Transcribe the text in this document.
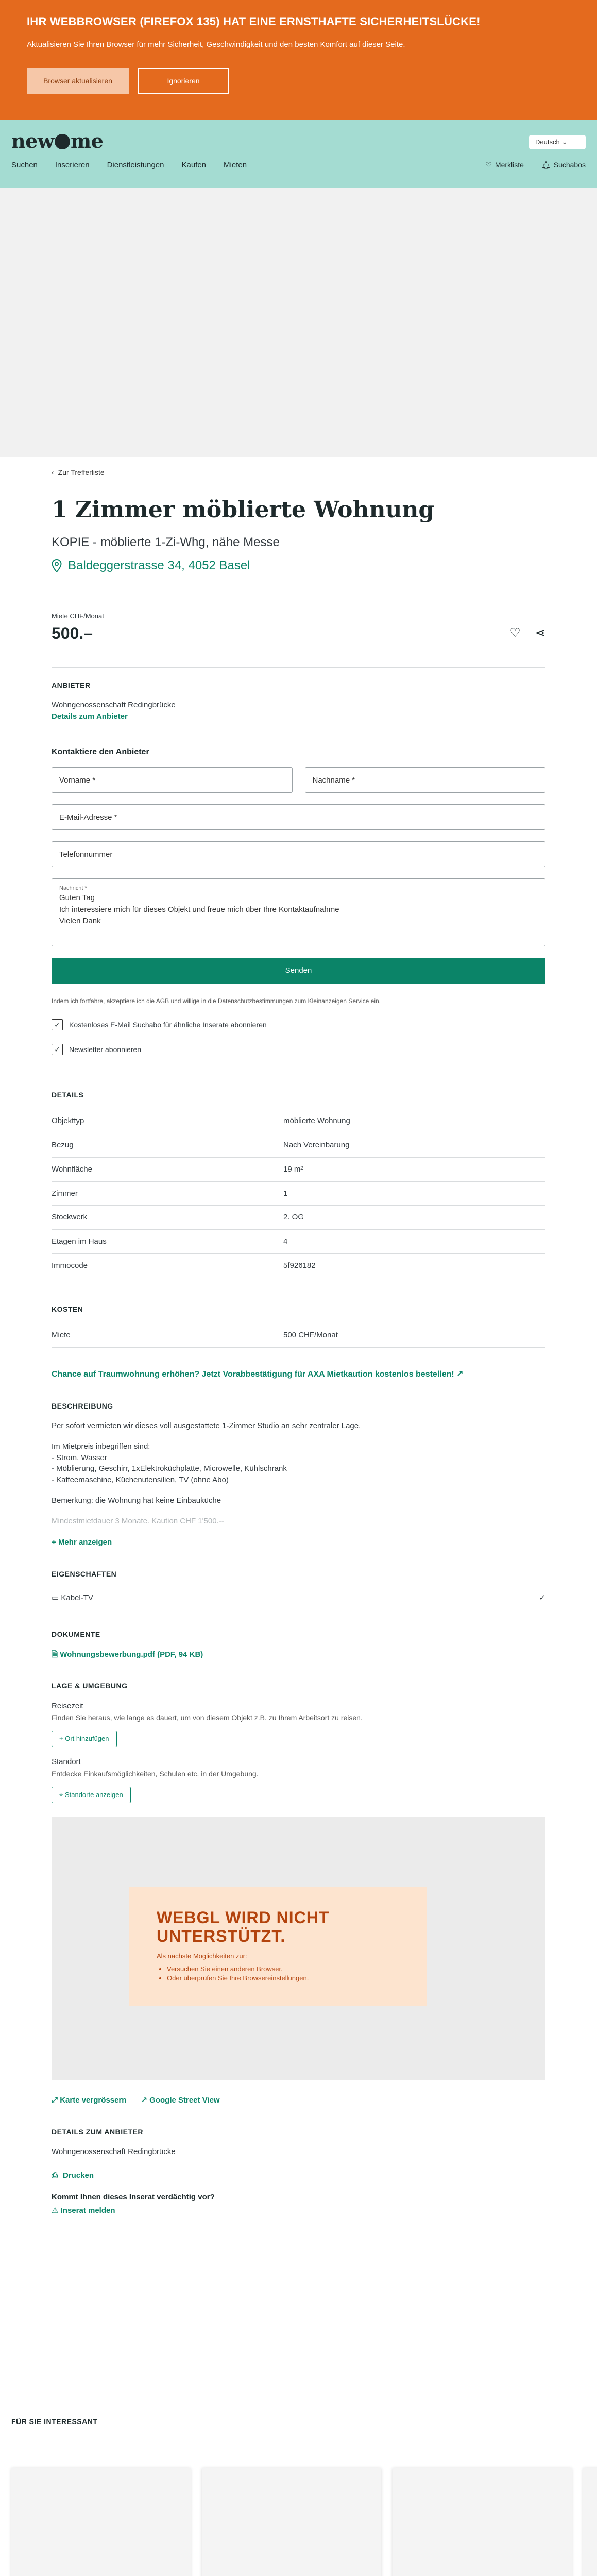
IHR WEBBROWSER (FIREFOX 135) HAT EINE ERNSTHAFTE SICHERHEITSLÜCKE!

Aktualisieren Sie Ihren Browser für mehr Sicherheit, Geschwindigkeit und den besten Komfort auf dieser Seite.

Browser aktualisieren	Ignorieren
new me	Deutsch ⌄
Suchen Inserieren Dienstleistungen Kaufen Mieten	♡ Merkliste 🔔︎ Suchabos
‹ Zur Trefferliste
1 Zimmer möblierte Wohnung
KOPIE - möblierte 1-Zi-Whg, nähe Messe
Baldeggerstrasse 34, 4052 Basel
Miete CHF/Monat
500.–	♡ ⋖
ANBIETER
Wohngenossenschaft Redingbrücke
Details zum Anbieter
Kontaktiere den Anbieter
Vorname *	Nachname *
E-Mail-Adresse *
Telefonnummer
Nachricht *
Guten Tag
Ich interessiere mich für dieses Objekt und freue mich über Ihre Kontaktaufnahme
Vielen Dank
Senden
Indem ich fortfahre, akzeptiere ich die AGB und willige in die Datenschutzbestimmungen zum Kleinanzeigen Service ein.
✓	Kostenloses E-Mail Suchabo für ähnliche Inserate abonnieren
✓	Newsletter abonnieren
DETAILS
Objekttyp	möblierte Wohnung
Bezug	Nach Vereinbarung
Wohnfläche	19 m²
Zimmer	1
Stockwerk	2. OG
Etagen im Haus	4
Immocode	5f926182
KOSTEN
Miete	500 CHF/Monat
Chance auf Traumwohnung erhöhen? Jetzt Vorabbestätigung für AXA Mietkaution kostenlos bestellen! ↗
BESCHREIBUNG

Per sofort vermieten wir dieses voll ausgestattete 1-Zimmer Studio an sehr zentraler Lage.

Im Mietpreis inbegriffen sind:
- Strom, Wasser
- Möblierung, Geschirr, 1xElektroküchplatte, Microwelle, Kühlschrank
- Kaffeemaschine, Küchenutensilien, TV (ohne Abo)

Bemerkung: die Wohnung hat keine Einbauküche

Mindestmietdauer 3 Monate. Kaution CHF 1'500.--

+ Mehr anzeigen
EIGENSCHAFTEN
▭ Kabel-TV	✓
DOKUMENTE
🗎 Wohnungsbewerbung.pdf (PDF, 94 KB)
LAGE & UMGEBUNG
Reisezeit
Finden Sie heraus, wie lange es dauert, um von diesem Objekt z.B. zu Ihrem Arbeitsort zu reisen.
+ Ort hinzufügen
Standort
Entdecke Einkaufsmöglichkeiten, Schulen etc. in der Umgebung.
⌖ Standorte anzeigen
WEBGL WIRD NICHT UNTERSTÜTZT.
Als nächste Möglichkeiten zur:
• Versuchen Sie einen anderen Browser.
• Oder überprüfen Sie Ihre Browsereinstellungen.
⤢ Karte vergrössern ↗ Google Street View
DETAILS ZUM ANBIETER
Wohngenossenschaft Redingbrücke
⎙ Drucken
Kommt Ihnen dieses Inserat verdächtig vor?
⚠ Inserat melden
FÜR SIE INTERESSANT
